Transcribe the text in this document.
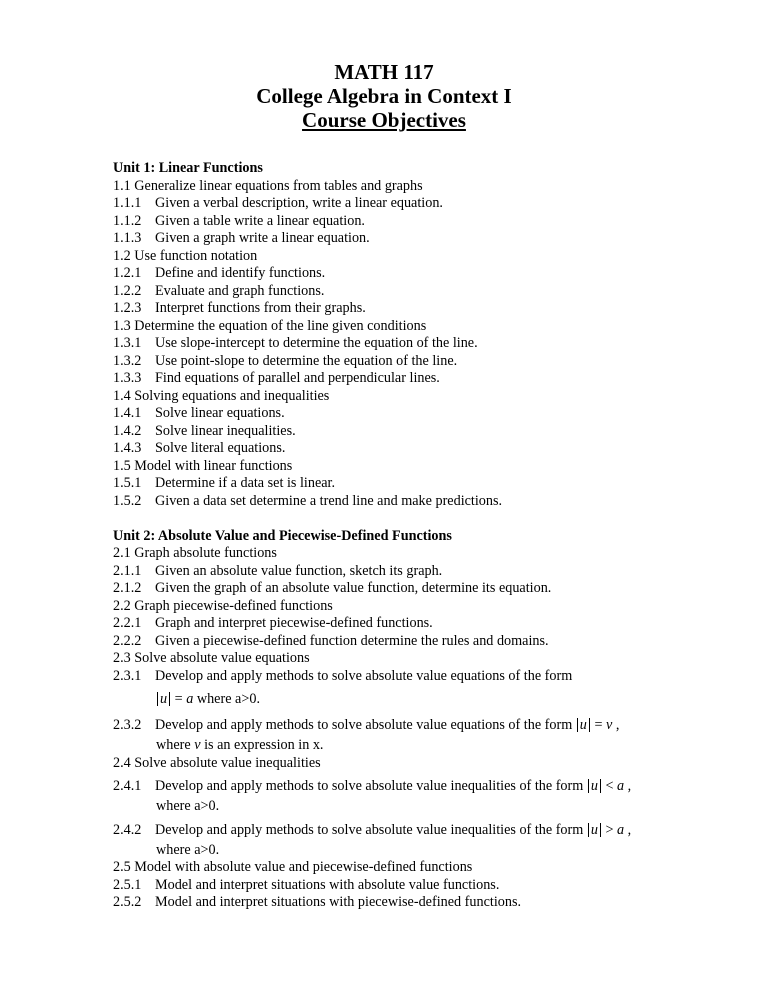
MATH 117
College Algebra in Context I
Course Objectives
Unit 1: Linear Functions
1.1 Generalize linear equations from tables and graphs
1.1.1 Given a verbal description, write a linear equation.
1.1.2 Given a table write a linear equation.
1.1.3 Given a graph write a linear equation.
1.2 Use function notation
1.2.1 Define and identify functions.
1.2.2 Evaluate and graph functions.
1.2.3 Interpret functions from their graphs.
1.3 Determine the equation of the line given conditions
1.3.1 Use slope-intercept to determine the equation of the line.
1.3.2 Use point-slope to determine the equation of the line.
1.3.3 Find equations of parallel and perpendicular lines.
1.4 Solving equations and inequalities
1.4.1 Solve linear equations.
1.4.2 Solve linear inequalities.
1.4.3 Solve literal equations.
1.5 Model with linear functions
1.5.1 Determine if a data set is linear.
1.5.2 Given a data set determine a trend line and make predictions.
Unit 2: Absolute Value and Piecewise-Defined Functions
2.1 Graph absolute functions
2.1.1 Given an absolute value function, sketch its graph.
2.1.2 Given the graph of an absolute value function, determine its equation.
2.2 Graph piecewise-defined functions
2.2.1 Graph and interpret piecewise-defined functions.
2.2.2 Given a piecewise-defined function determine the rules and domains.
2.3 Solve absolute value equations
2.3.1 Develop and apply methods to solve absolute value equations of the form
u = a where a>0.
2.3.2 Develop and apply methods to solve absolute value equations of the form u = v ,
where v is an expression in x.
2.4 Solve absolute value inequalities
2.4.1 Develop and apply methods to solve absolute value inequalities of the form u < a ,
where a>0.
2.4.2 Develop and apply methods to solve absolute value inequalities of the form u > a ,
where a>0.
2.5 Model with absolute value and piecewise-defined functions
2.5.1 Model and interpret situations with absolute value functions.
2.5.2 Model and interpret situations with piecewise-defined functions.
